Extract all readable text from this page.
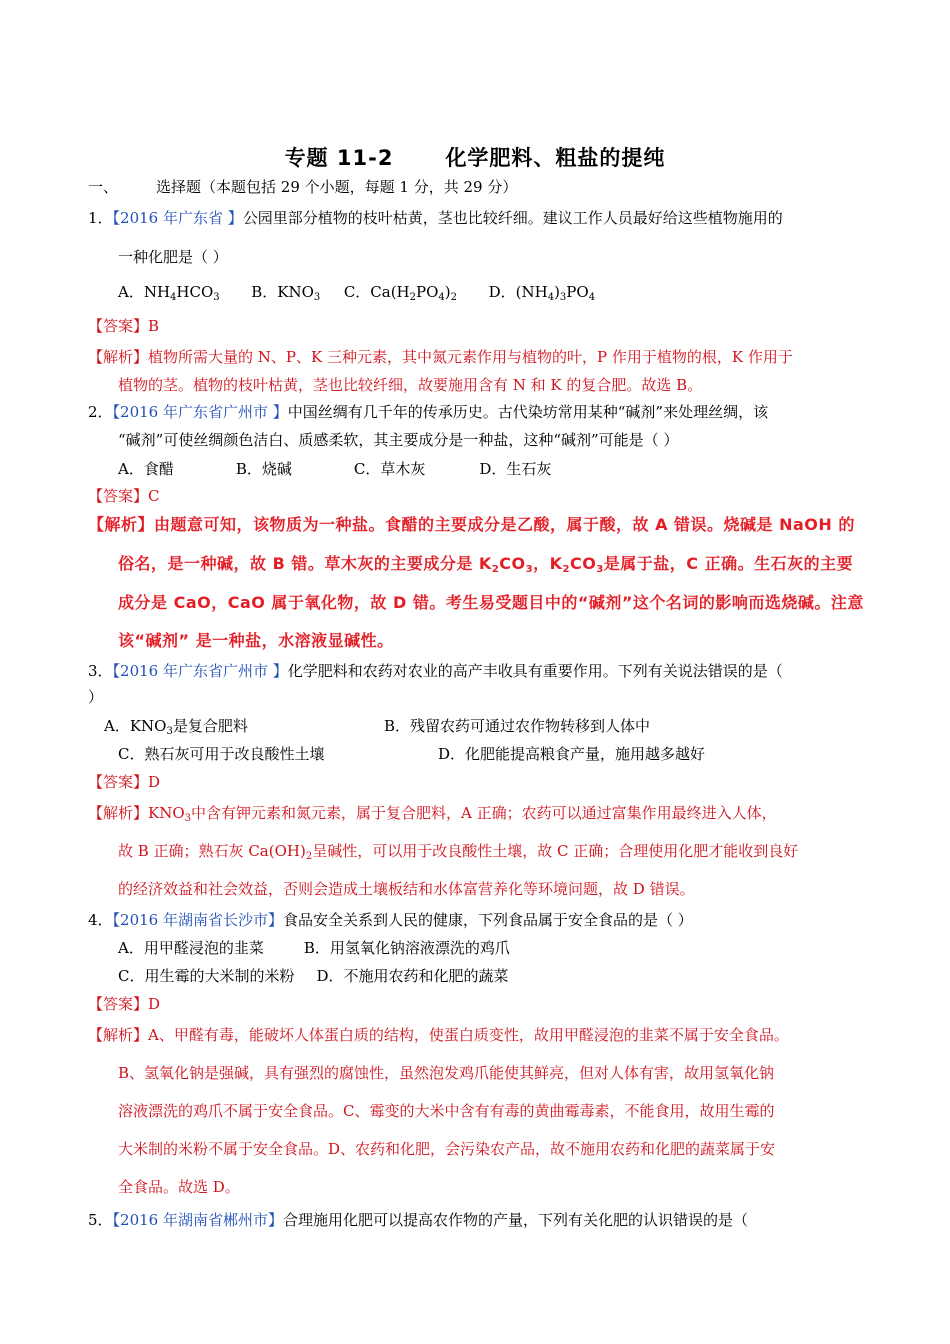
专题 11-2 化学肥料、粗盐的提纯
一、	选择题（本题包括 29 个小题，每题 1 分，共 29 分）
1．【2016 年广东省 】公园里部分植物的枝叶枯黄，茎也比较纤细。建议工作人员最好给这些植物施用的
一种化肥是（ ）
A．$NH_4HCO_3$ B．$KNO_3$ C．$Ca(H_2PO_4)_2$ D．$(NH_4)_3PO_4$
【答案】B
【解析】植物所需大量的 N、P、K 三种元素，其中氮元素作用与植物的叶，P 作用于植物的根，K 作用于
植物的茎。植物的枝叶枯黄，茎也比较纤细，故要施用含有 N 和 K 的复合肥。故选 B。
2．【2016 年广东省广州市 】中国丝绸有几千年的传承历史。古代染坊常用某种“碱剂”来处理丝绸，该
“碱剂”可使丝绸颜色洁白、质感柔软，其主要成分是一种盐，这种“碱剂”可能是（ ）
A．食醋	B．烧碱	C．草木灰	D．生石灰
【答案】C
【解析】由题意可知，该物质为一种盐。食醋的主要成分是乙酸，属于酸，故 A 错误。烧碱是 NaOH 的
俗名，是一种碱，故 B 错。草木灰的主要成分是 $K_2CO_3$，$K_2CO_3$是属于盐，C 正确。生石灰的主要
成分是 CaO，CaO 属于氧化物，故 D 错。考生易受题目中的“碱剂”这个名词的影响而选烧碱。注意
该“碱剂” 是一种盐，水溶液显碱性。
3．【2016 年广东省广州市 】化学肥料和农药对农业的高产丰收具有重要作用。下列有关说法错误的是（
）
A．$KNO_3$是复合肥料	B．残留农药可通过农作物转移到人体中
C．熟石灰可用于改良酸性土壤	D．化肥能提高粮食产量，施用越多越好
【答案】D
【解析】$KNO_3$中含有钾元素和氮元素，属于复合肥料，A 正确；农药可以通过富集作用最终进入人体，
故 B 正确；熟石灰 $Ca(OH)_2$呈碱性，可以用于改良酸性土壤，故 C 正确；合理使用化肥才能收到良好
的经济效益和社会效益，否则会造成土壤板结和水体富营养化等环境问题，故 D 错误。
4．【2016 年湖南省长沙市】食品安全关系到人民的健康，下列食品属于安全食品的是（ ）
A．用甲醛浸泡的韭菜	B．用氢氧化钠溶液漂洗的鸡爪
C．用生霉的大米制的米粉 D．不施用农药和化肥的蔬菜
【答案】D
【解析】A、甲醛有毒，能破坏人体蛋白质的结构，使蛋白质变性，故用甲醛浸泡的韭菜不属于安全食品。
B、氢氧化钠是强碱，具有强烈的腐蚀性，虽然泡发鸡爪能使其鲜亮，但对人体有害，故用氢氧化钠
溶液漂洗的鸡爪不属于安全食品。C、霉变的大米中含有有毒的黄曲霉毒素，不能食用，故用生霉的
大米制的米粉不属于安全食品。D、农药和化肥，会污染农产品，故不施用农药和化肥的蔬菜属于安
全食品。故选 D。
5．【2016 年湖南省郴州市】合理施用化肥可以提高农作物的产量，下列有关化肥的认识错误的是（
